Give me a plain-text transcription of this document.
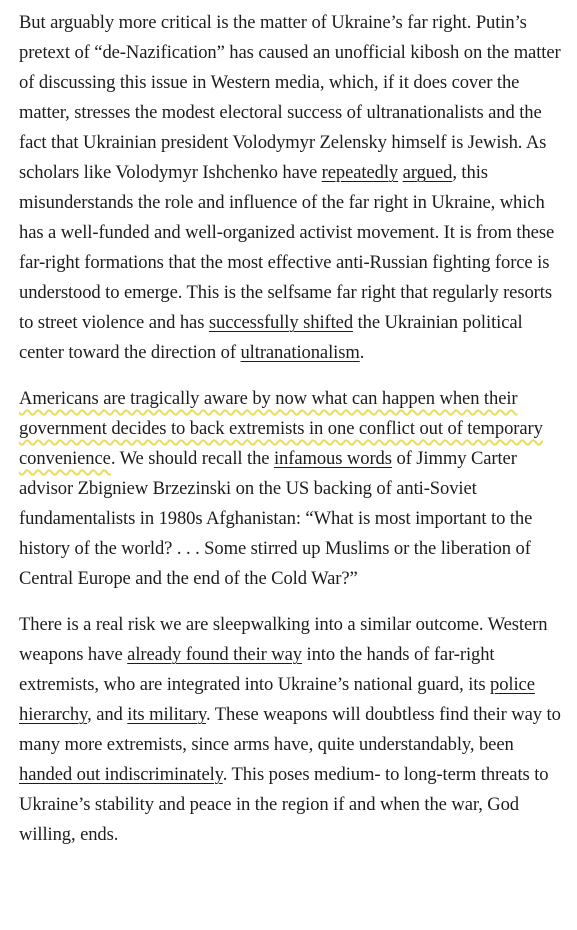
But arguably more critical is the matter of Ukraine’s far right. Putin’s pretext of “de-Nazification” has caused an unofficial kibosh on the matter of discussing this issue in Western media, which, if it does cover the matter, stresses the modest electoral success of ultranationalists and the fact that Ukrainian president Volodymyr Zelensky himself is Jewish. As scholars like Volodymyr Ishchenko have repeatedly argued, this misunderstands the role and influence of the far right in Ukraine, which has a well-funded and well-organized activist movement. It is from these far-right formations that the most effective anti-Russian fighting force is understood to emerge. This is the selfsame far right that regularly resorts to street violence and has successfully shifted the Ukrainian political center toward the direction of ultranationalism.

Americans are tragically aware by now what can happen when their government decides to back extremists in one conflict out of temporary convenience. We should recall the infamous words of Jimmy Carter advisor Zbigniew Brzezinski on the US backing of anti-Soviet fundamentalists in 1980s Afghanistan: “What is most important to the history of the world? . . . Some stirred up Muslims or the liberation of Central Europe and the end of the Cold War?”

There is a real risk we are sleepwalking into a similar outcome. Western weapons have already found their way into the hands of far-right extremists, who are integrated into Ukraine’s national guard, its police hierarchy, and its military. These weapons will doubtless find their way to many more extremists, since arms have, quite understandably, been handed out indiscriminately. This poses medium- to long-term threats to Ukraine’s stability and peace in the region if and when the war, God willing, ends.
